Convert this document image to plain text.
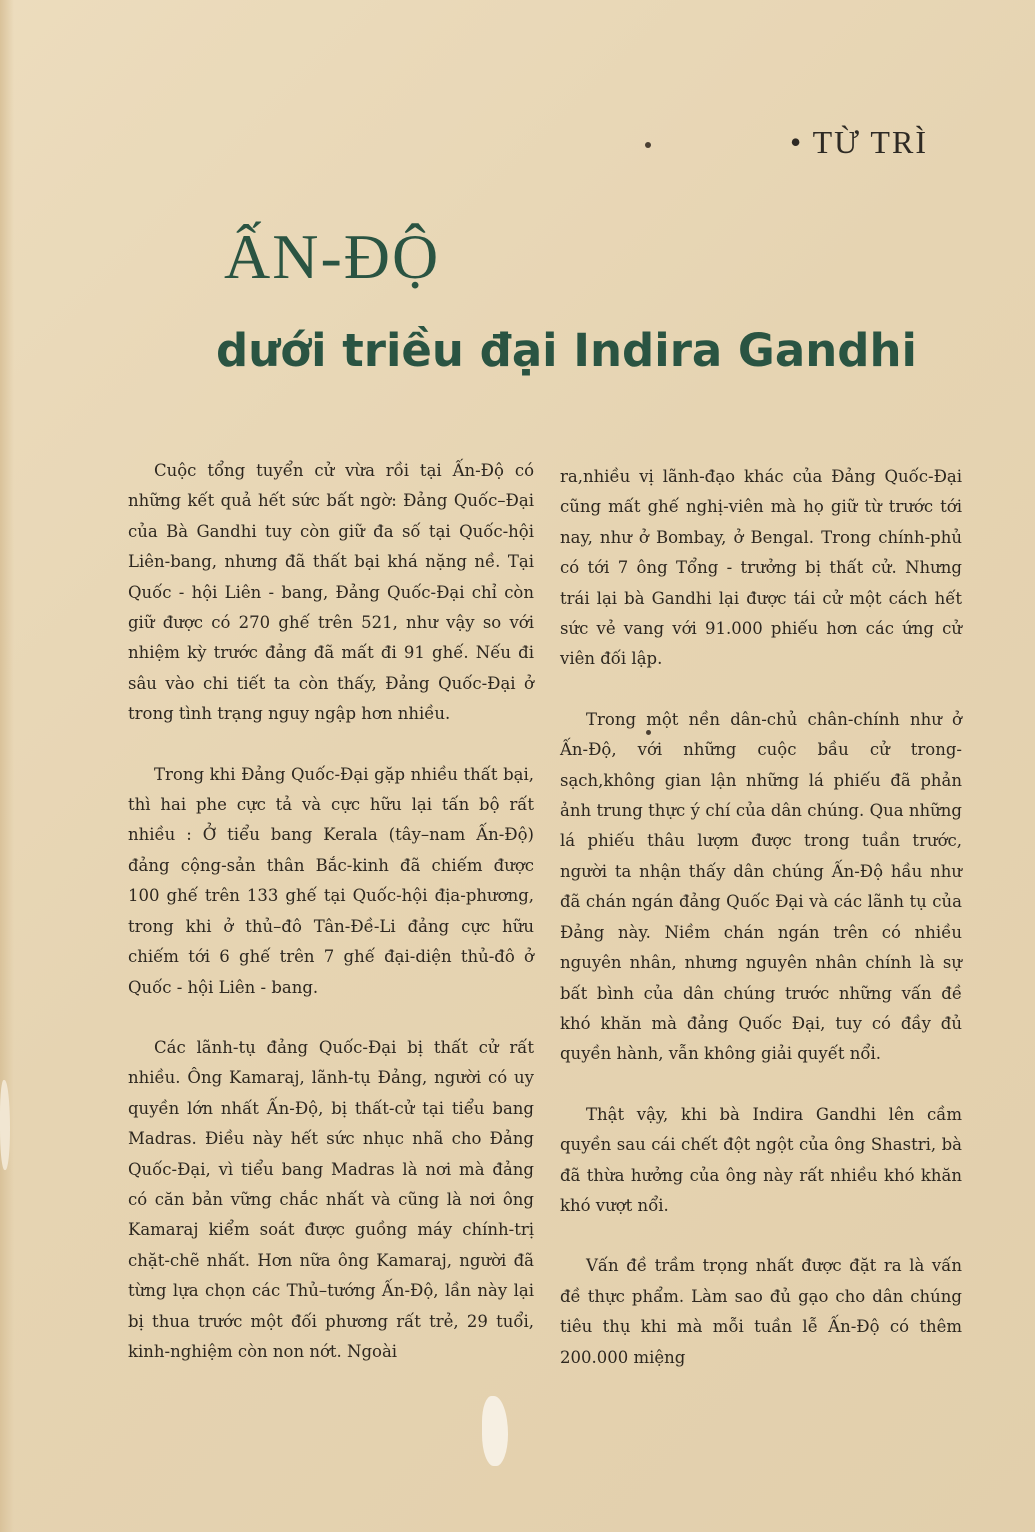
• TỪ TRÌ
ẤN-ĐỘ
dưới triều đại Indira Gandhi

Cuộc tổng tuyển cử vừa rồi tại Ấn-Độ có những kết quả hết sức bất ngờ: Đảng Quốc–Đại của Bà Gandhi tuy còn giữ đa số tại Quốc-hội Liên-bang, nhưng đã thất bại khá nặng nề. Tại Quốc - hội Liên - bang, Đảng Quốc-Đại chỉ còn giữ được có 270 ghế trên 521, như vậy so với nhiệm kỳ trước đảng đã mất đi 91 ghế. Nếu đi sâu vào chi tiết ta còn thấy, Đảng Quốc-Đại ở trong tình trạng nguy ngập hơn nhiều.

Trong khi Đảng Quốc-Đại gặp nhiều thất bại, thì hai phe cực tả và cực hữu lại tấn bộ rất nhiều : Ở tiểu bang Kerala (tây–nam Ấn-Độ) đảng cộng-sản thân Bắc-kinh đã chiếm được 100 ghế trên 133 ghế tại Quốc-hội địa-phương, trong khi ở thủ–đô Tân-Đề-Li đảng cực hữu chiếm tới 6 ghế trên 7 ghế đại-diện thủ-đô ở Quốc - hội Liên - bang.

Các lãnh-tụ đảng Quốc-Đại bị thất cử rất nhiều. Ông Kamaraj, lãnh-tụ Đảng, người có uy quyền lớn nhất Ấn-Độ, bị thất-cử tại tiểu bang Madras. Điều này hết sức nhục nhã cho Đảng Quốc-Đại, vì tiểu bang Madras là nơi mà đảng có căn bản vững chắc nhất và cũng là nơi ông Kamaraj kiểm soát được guồng máy chính-trị chặt-chẽ nhất. Hơn nữa ông Kamaraj, người đã từng lựa chọn các Thủ–tướng Ấn-Độ, lần này lại bị thua trước một đối phương rất trẻ, 29 tuổi, kinh-nghiệm còn non nớt. Ngoài

ra,nhiều vị lãnh-đạo khác của Đảng Quốc-Đại cũng mất ghế nghị-viên mà họ giữ từ trước tới nay, như ở Bombay, ở Bengal. Trong chính-phủ có tới 7 ông Tổng - trưởng bị thất cử. Nhưng trái lại bà Gandhi lại được tái cử một cách hết sức vẻ vang với 91.000 phiếu hơn các ứng cử viên đối lập.

Trong một nền dân-chủ chân-chính như ở Ấn-Độ, với những cuộc bầu cử trong-sạch,không gian lận những lá phiếu đã phản ảnh trung thực ý chí của dân chúng. Qua những lá phiếu thâu lượm được trong tuần trước, người ta nhận thấy dân chúng Ấn-Độ hầu như đã chán ngán đảng Quốc Đại và các lãnh tụ của Đảng này. Niềm chán ngán trên có nhiều nguyên nhân, nhưng nguyên nhân chính là sự bất bình của dân chúng trước những vấn đề khó khăn mà đảng Quốc Đại, tuy có đầy đủ quyền hành, vẫn không giải quyết nổi.

Thật vậy, khi bà Indira Gandhi lên cầm quyền sau cái chết đột ngột của ông Shastri, bà đã thừa hưởng của ông này rất nhiều khó khăn khó vượt nổi.

Vấn đề trầm trọng nhất được đặt ra là vấn đề thực phẩm. Làm sao đủ gạo cho dân chúng tiêu thụ khi mà mỗi tuần lễ Ấn-Độ có thêm 200.000 miệng
